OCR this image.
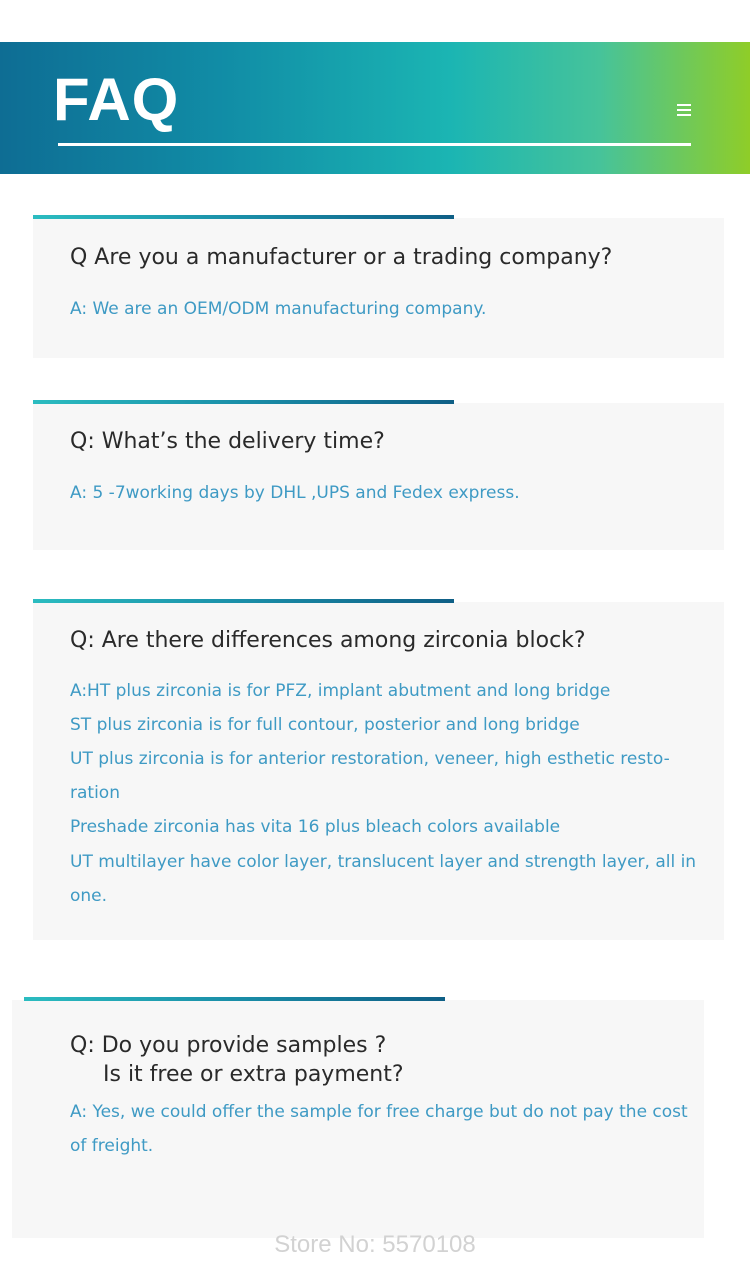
FAQ
Q Are you a manufacturer or a trading company?
A: We are an OEM/ODM manufacturing company.
Q: What’s the delivery time?
A: 5 -7working days by DHL ,UPS and Fedex express.
Q: Are there differences among zirconia block?
A:HT plus zirconia is for PFZ, implant abutment and long bridge
ST plus zirconia is for full contour, posterior and long bridge
UT plus zirconia is for anterior restoration, veneer, high esthetic resto-
ration
Preshade zirconia has vita 16 plus bleach colors available
UT multilayer have color layer, translucent layer and strength layer, all in
one.
Q: Do you provide samples ?
Is it free or extra payment?
A: Yes, we could offer the sample for free charge but do not pay the cost
of freight.
Store No: 5570108
